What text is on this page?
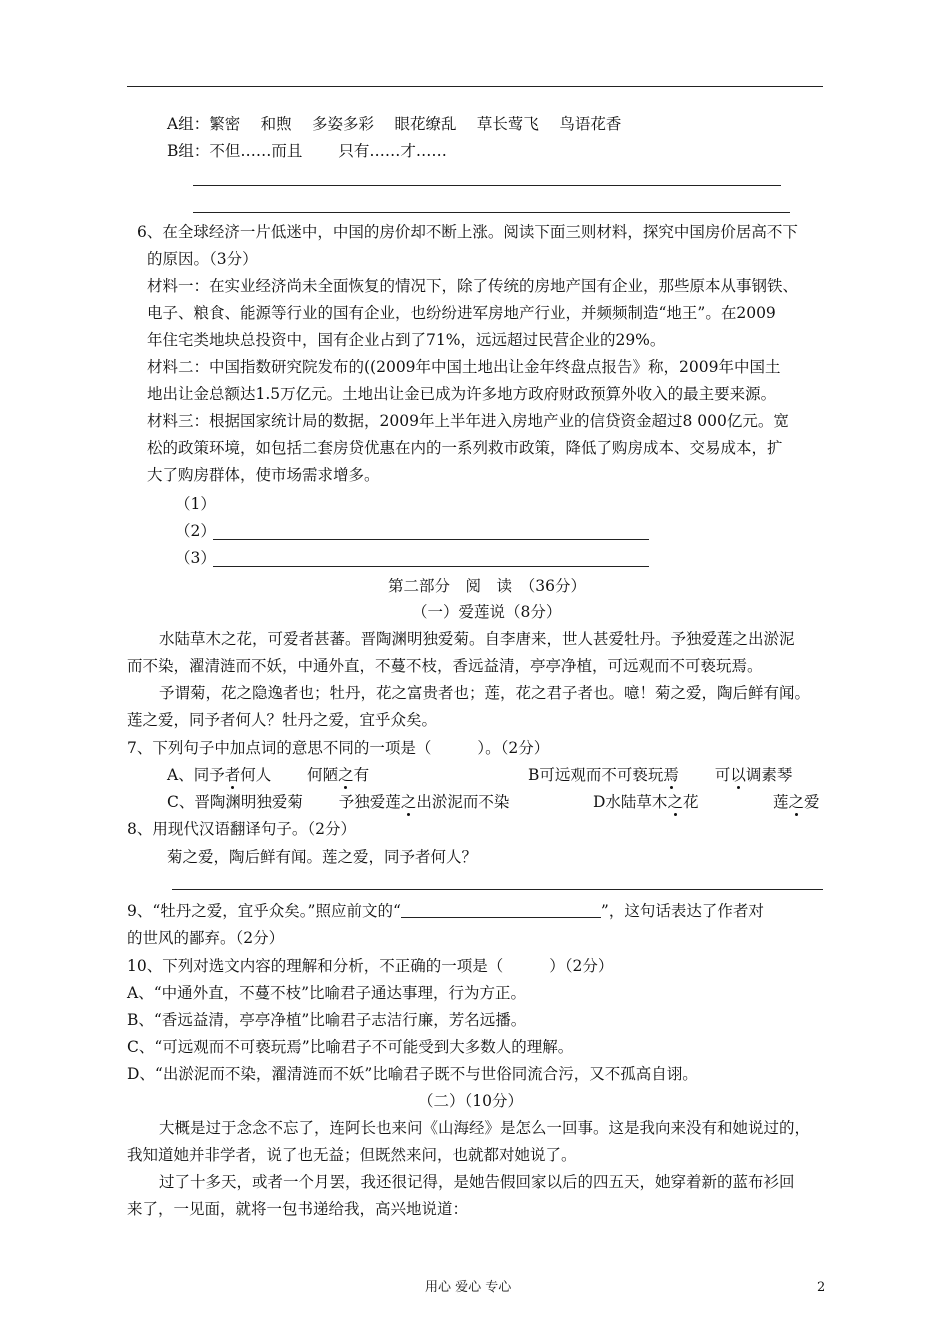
A组：繁密　 和煦　 多姿多彩　 眼花缭乱　 草长莺飞　 鸟语花香
B组：不但……而且　　 只有……才……
6、在全球经济一片低迷中，中国的房价却不断上涨。阅读下面三则材料，探究中国房价居高不下
的原因。（3分）
材料一：在实业经济尚未全面恢复的情况下，除了传统的房地产国有企业，那些原本从事钢铁、
电子、粮食、能源等行业的国有企业，也纷纷进军房地产行业，并频频制造“地王”。在2009
年住宅类地块总投资中，国有企业占到了71%，远远超过民营企业的29%。
材料二：中国指数研究院发布的((2009年中国土地出让金年终盘点报告》称，2009年中国土
地出让金总额达1.5万亿元。土地出让金已成为许多地方政府财政预算外收入的最主要来源。
材料三：根据国家统计局的数据，2009年上半年进入房地产业的信贷资金超过8 000亿元。宽
松的政策环境，如包括二套房贷优惠在内的一系列救市政策，降低了购房成本、交易成本，扩
大了购房群体，使市场需求增多。
（1）
（2）
（3）
第二部分　阅　读　（36分）
（一）爱莲说（8分）
水陆草木之花，可爱者甚蕃。晋陶渊明独爱菊。自李唐来，世人甚爱牡丹。予独爱莲之出淤泥
而不染，濯清涟而不妖，中通外直，不蔓不枝，香远益清，亭亭净植，可远观而不可亵玩焉。
予谓菊，花之隐逸者也；牡丹，花之富贵者也；莲，花之君子者也。噫！菊之爱，陶后鲜有闻。
莲之爱，同予者何人？牡丹之爱，宜乎众矣。
7、下列句子中加点词的意思不同的一项是（	）。（2分）
A、同予者何人　　 何陋之有	B可远观而不可亵玩焉　　 可以调素琴
C、晋陶渊明独爱菊　　 予独爱莲之出淤泥而不染	D水陆草木之花	莲之爱
8、用现代汉语翻译句子。（2分）
菊之爱，陶后鲜有闻。莲之爱，同予者何人？
9、“牡丹之爱，宜乎众矣。”照应前文的“	”，这句话表达了作者对
的世风的鄙弃。（2分）
10、下列对选文内容的理解和分析，不正确的一项是（	）（2分）
A、“中通外直，不蔓不枝”比喻君子通达事理，行为方正。
B、“香远益清，亭亭净植”比喻君子志洁行廉，芳名远播。
C、“可远观而不可亵玩焉”比喻君子不可能受到大多数人的理解。
D、“出淤泥而不染，濯清涟而不妖”比喻君子既不与世俗同流合污，又不孤高自诩。
（二）（10分）
大概是过于念念不忘了，连阿长也来问《山海经》是怎么一回事。这是我向来没有和她说过的，
我知道她并非学者，说了也无益；但既然来问，也就都对她说了。
过了十多天，或者一个月罢，我还很记得，是她告假回家以后的四五天，她穿着新的蓝布衫回
来了，一见面，就将一包书递给我，高兴地说道：
用心 爱心 专心	2
